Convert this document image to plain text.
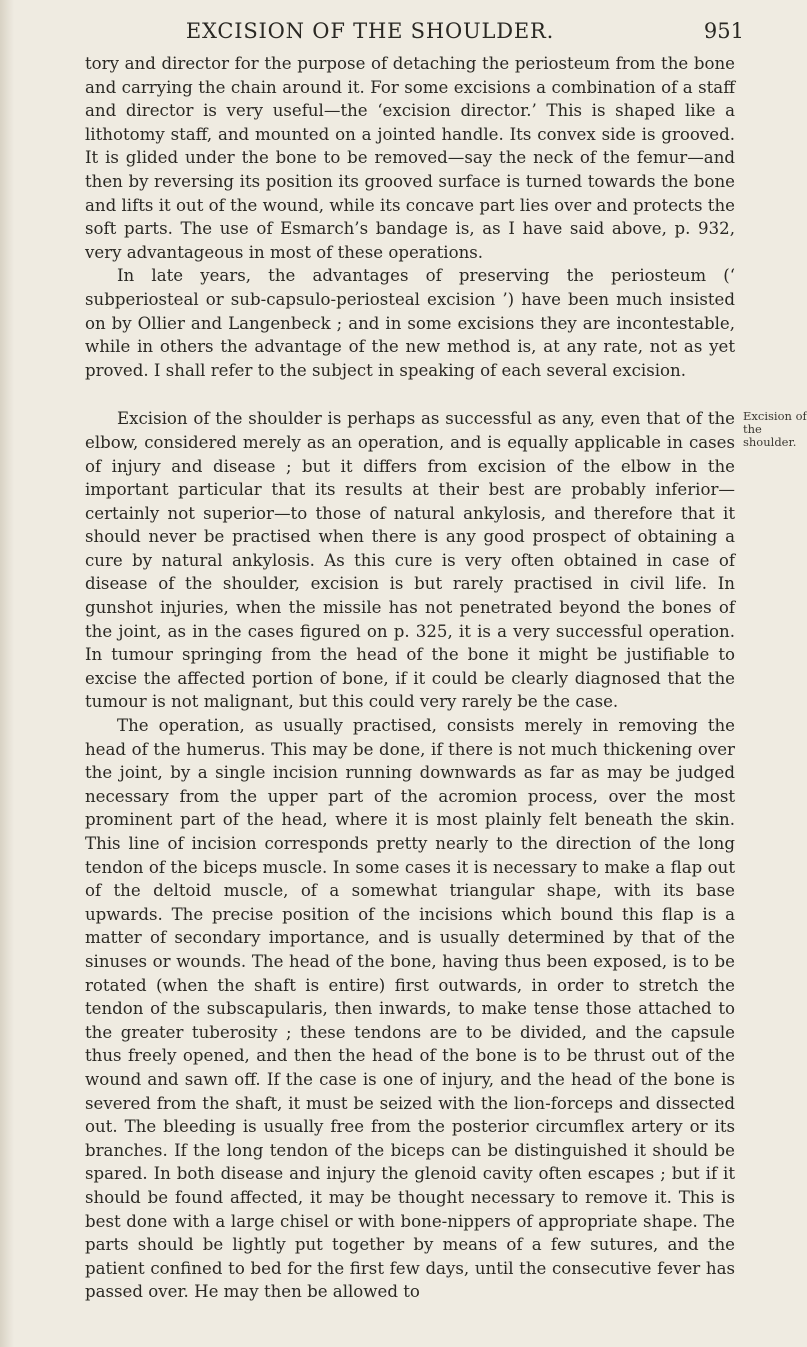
EXCISION OF THE SHOULDER.	951

tory and director for the purpose of detaching the periosteum from the bone and carrying the chain around it. For some excisions a combination of a staff and director is very useful—the ‘excision director.’ This is shaped like a lithotomy staff, and mounted on a jointed handle. Its convex side is grooved. It is glided under the bone to be removed—say the neck of the femur—and then by reversing its position its grooved surface is turned towards the bone and lifts it out of the wound, while its concave part lies over and protects the soft parts. The use of Esmarch’s bandage is, as I have said above, p. 932, very advantageous in most of these operations.

In late years, the advantages of preserving the periosteum (‘ subperiosteal or sub-capsulo-periosteal excision ’) have been much insisted on by Ollier and Langenbeck ; and in some excisions they are incontestable, while in others the advantage of the new method is, at any rate, not as yet proved. I shall refer to the subject in speaking of each several excision.

Excision of the shoulder.

Excision of the shoulder is perhaps as successful as any, even that of the elbow, considered merely as an operation, and is equally applicable in cases of injury and disease ; but it differs from excision of the elbow in the important particular that its results at their best are probably inferior—certainly not superior—to those of natural ankylosis, and therefore that it should never be practised when there is any good prospect of obtaining a cure by natural ankylosis. As this cure is very often obtained in case of disease of the shoulder, excision is but rarely practised in civil life. In gunshot injuries, when the missile has not penetrated beyond the bones of the joint, as in the cases figured on p. 325, it is a very successful operation. In tumour springing from the head of the bone it might be justifiable to excise the affected portion of bone, if it could be clearly diagnosed that the tumour is not malignant, but this could very rarely be the case.

The operation, as usually practised, consists merely in removing the head of the humerus. This may be done, if there is not much thickening over the joint, by a single incision running downwards as far as may be judged necessary from the upper part of the acromion process, over the most prominent part of the head, where it is most plainly felt beneath the skin. This line of incision corresponds pretty nearly to the direction of the long tendon of the biceps muscle. In some cases it is necessary to make a flap out of the deltoid muscle, of a somewhat triangular shape, with its base upwards. The precise position of the incisions which bound this flap is a matter of secondary importance, and is usually determined by that of the sinuses or wounds. The head of the bone, having thus been exposed, is to be rotated (when the shaft is entire) first outwards, in order to stretch the tendon of the subscapularis, then inwards, to make tense those attached to the greater tuberosity ; these tendons are to be divided, and the capsule thus freely opened, and then the head of the bone is to be thrust out of the wound and sawn off. If the case is one of injury, and the head of the bone is severed from the shaft, it must be seized with the lion-forceps and dissected out. The bleeding is usually free from the posterior circumflex artery or its branches. If the long tendon of the biceps can be distinguished it should be spared. In both disease and injury the glenoid cavity often escapes ; but if it should be found affected, it may be thought necessary to remove it. This is best done with a large chisel or with bone-nippers of appropriate shape. The parts should be lightly put together by means of a few sutures, and the patient confined to bed for the first few days, until the consecutive fever has passed over. He may then be allowed to
